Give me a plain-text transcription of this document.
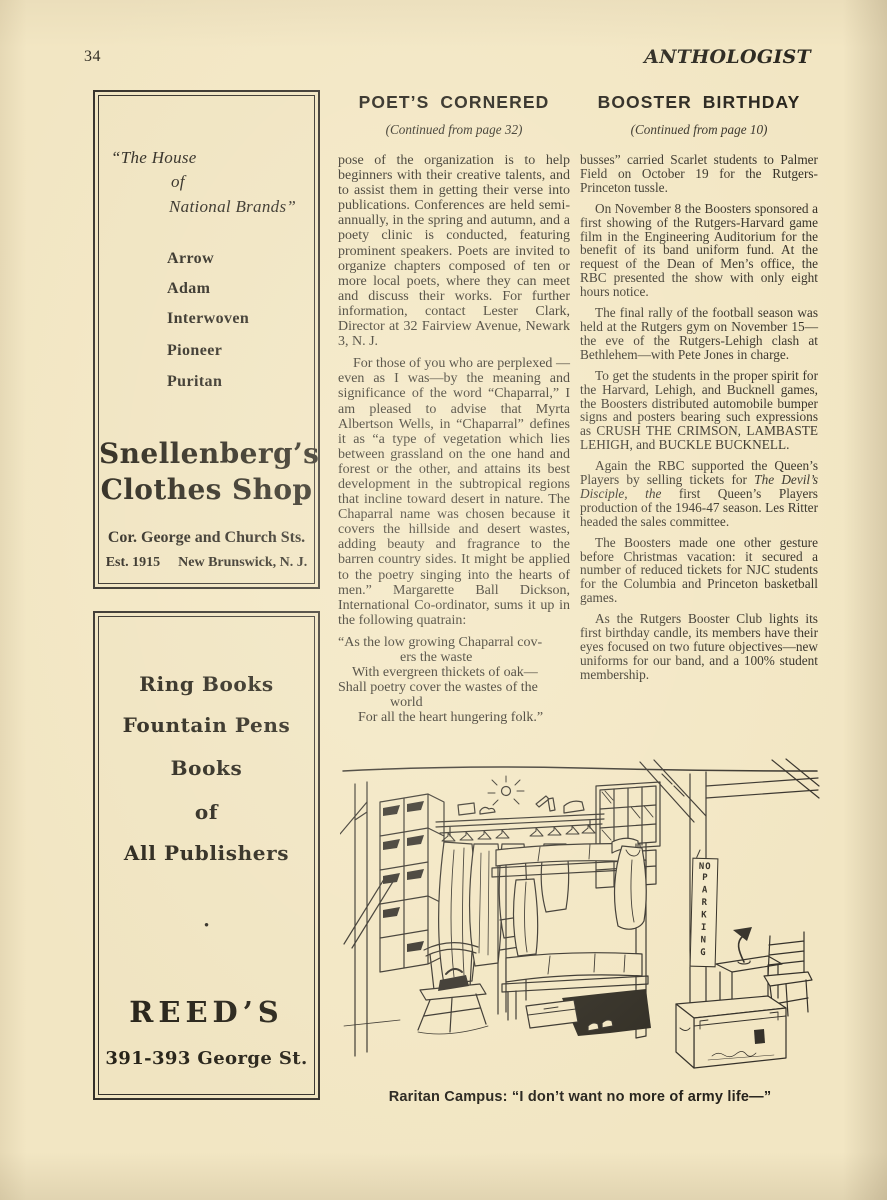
34	ANTHOLOGIST
“The House
of
National Brands”
Arrow
Adam
Interwoven
Pioneer
Puritan
Snellenberg’s
Clothes Shop
Cor. George and Church Sts.
Est. 1915 New Brunswick, N. J.
Ring Books
Fountain Pens
Books
of
All Publishers
•
REED’S
391-393 George St.
POET’S CORNERED
(Continued from page 32)

pose of the organization is to help beginners with their creative talents, and to assist them in getting their verse into publications. Conferences are held semi-annually, in the spring and autumn, and a poety clinic is conducted, featuring prominent speakers. Poets are invited to organize chapters composed of ten or more local poets, where they can meet and discuss their works. For further information, contact Lester Clark, Director at 32 Fairview Avenue, Newark 3, N. J.

For those of you who are perplexed —even as I was—by the meaning and significance of the word “Chaparral,” I am pleased to advise that Myrta Albertson Wells, in “Chaparral” defines it as “a type of vegetation which lies between grassland on the one hand and forest or the other, and attains its best development in the subtropical regions that incline toward desert in nature. The Chaparral name was chosen because it covers the hillside and desert wastes, adding beauty and fragrance to the barren country sides. It might be applied to the poetry singing into the hearts of men.” Margarette Ball Dickson, International Co-ordinator, sums it up in the following quatrain:

“As the low growing Chaparral cov-
ers the waste
With evergreen thickets of oak—
Shall poetry cover the wastes of the
world
For all the heart hungering folk.”
BOOSTER BIRTHDAY
(Continued from page 10)

busses” carried Scarlet students to Palmer Field on October 19 for the Rutgers-Princeton tussle.

On November 8 the Boosters sponsored a first showing of the Rutgers-Harvard game film in the Engineering Auditorium for the benefit of its band uniform fund. At the request of the Dean of Men’s office, the RBC presented the show with only eight hours notice.

The final rally of the football season was held at the Rutgers gym on November 15—the eve of the Rutgers-Lehigh clash at Bethlehem—with Pete Jones in charge.

To get the students in the proper spirit for the Harvard, Lehigh, and Bucknell games, the Boosters distributed automobile bumper signs and posters bearing such expressions as CRUSH THE CRIMSON, LAMBASTE LEHIGH, and BUCKLE BUCKNELL.

Again the RBC supported the Queen’s Players by selling tickets for The Devil’s Disciple, the first Queen’s Players production of the 1946-47 season. Les Ritter headed the sales committee.

The Boosters made one other gesture before Christmas vacation: it secured a number of reduced tickets for NJC students for the Columbia and Princeton basketball games.

As the Rutgers Booster Club lights its first birthday candle, its members have their eyes focused on two future objectives—new uniforms for our band, and a 100% student membership.

NO
PARKING
Raritan Campus: “I don’t want no more of army life—”
